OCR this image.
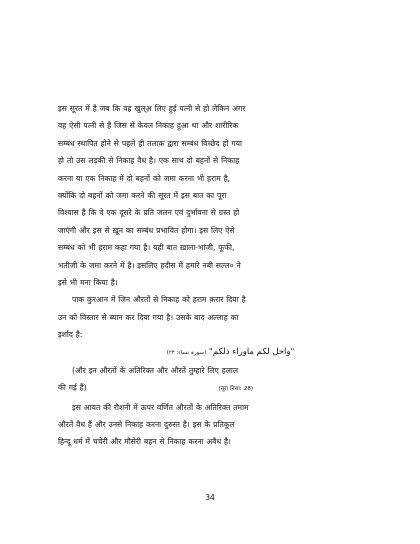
इस सूरत में है जब कि वह खुल्अ़ लिए हुई पत्नी से हो लेकिन अगर
वह ऐसी पत्नी से है जिस से केवल निकाह हुआ था और शारीरिक
सम्बंध स्थापित होने से पहले ही तलाक़ द्वारा सम्बंध विच्छेद हो गया
हो तो उस लड़की से निकाह वैध है। एक साथ दो बहनों से निकाह
करना या एक निकाह में दो बहनों को जमा करना भी हराम है,
क्योंकि दो बहनों को जमा करने की सूरत में इस बात का पूरा
विश्वास है कि वे एक दूसरे के प्रति जलन एवं दुर्भावना से ग्रस्त हो
जाएंगी और इस से ख़ून का सम्बंध प्रभावित होगा। इस लिए ऐसे
सम्बंध को भी हराम कहा गया है। यही बात ख़ाला-भांजी, फूफी,
भतीजी के जमा करने में है। इसलिए हदीस में हमारे नबी सल्ल० ने
इसे भी मना किया है।

पाक कुरआन में जिन औरतों से निकाह को हराम क़रार दिया है
उन को विस्तार से ब्यान कर दिया गया है। उसके बाद अल्लाह का
इर्शाद है:

"واحل لكم ماوراء ذلكم" (سورہ نساء: ۲۴)

(और इन औरतों के अतिरिक्त और औरतें तुम्हारे लिए हलाल
की गई हैं)	(सूरा निसा: 28)

इस आयत की रौशनी में ऊपर वर्णित औरतों के अतिरिक्त तमाम
औरतें वैध हैं और उनसे निकाह करना दुरुस्त है। इस के प्रतिकूल
हिन्दू धर्म में चचेरी और मौसेरी बहन से निकाह करना अवैध है।

34
